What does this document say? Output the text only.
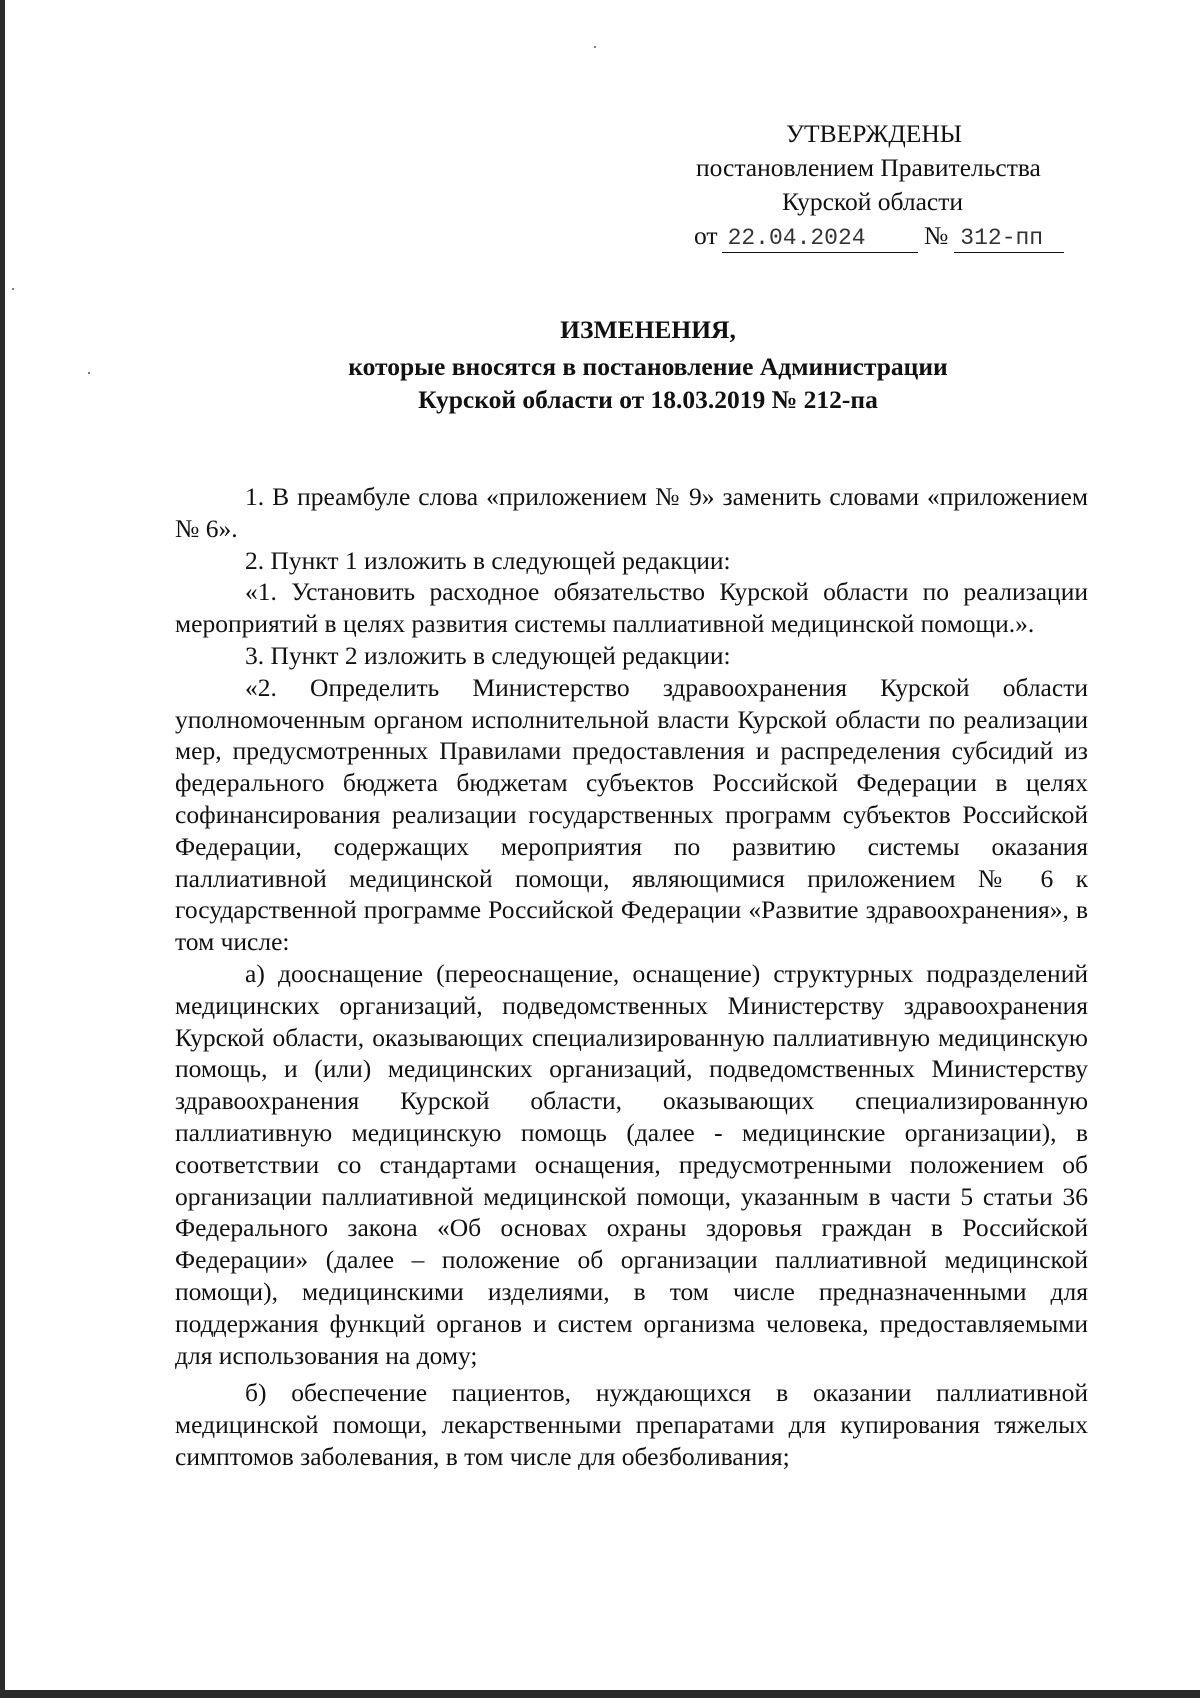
УТВЕРЖДЕНЫ
постановлением Правительства
Курской области
от 22.04.2024 № 312-пп
ИЗМЕНЕНИЯ,
которые вносятся в постановление Администрации
Курской области от 18.03.2019 № 212-па

1. В преамбуле слова «приложением № 9» заменить словами «приложением № 6».

2. Пункт 1 изложить в следующей редакции:

«1. Установить расходное обязательство Курской области по реализации мероприятий в целях развития системы паллиативной медицинской помощи.».

3. Пункт 2 изложить в следующей редакции:

«2. Определить Министерство здравоохранения Курской области уполномоченным органом исполнительной власти Курской области по реализации мер, предусмотренных Правилами предоставления и распределения субсидий из федерального бюджета бюджетам субъектов Российской Федерации в целях софинансирования реализации государственных программ субъектов Российской Федерации, содержащих мероприятия по развитию системы оказания паллиативной медицинской помощи, являющимися приложением № 6 к государственной программе Российской Федерации «Развитие здравоохранения», в том числе:

а) дооснащение (переоснащение, оснащение) структурных подразделений медицинских организаций, подведомственных Министерству здравоохранения Курской области, оказывающих специализированную паллиативную медицинскую помощь, и (или) медицинских организаций, подведомственных Министерству здравоохранения Курской области, оказывающих специализированную паллиативную медицинскую помощь (далее - медицинские организации), в соответствии со стандартами оснащения, предусмотренными положением об организации паллиативной медицинской помощи, указанным в части 5 статьи 36 Федерального закона «Об основах охраны здоровья граждан в Российской Федерации» (далее – положение об организации паллиативной медицинской помощи), медицинскими изделиями, в том числе предназначенными для поддержания функций органов и систем организма человека, предоставляемыми для использования на дому;

б) обеспечение пациентов, нуждающихся в оказании паллиативной медицинской помощи, лекарственными препаратами для купирования тяжелых симптомов заболевания, в том числе для обезболивания;
